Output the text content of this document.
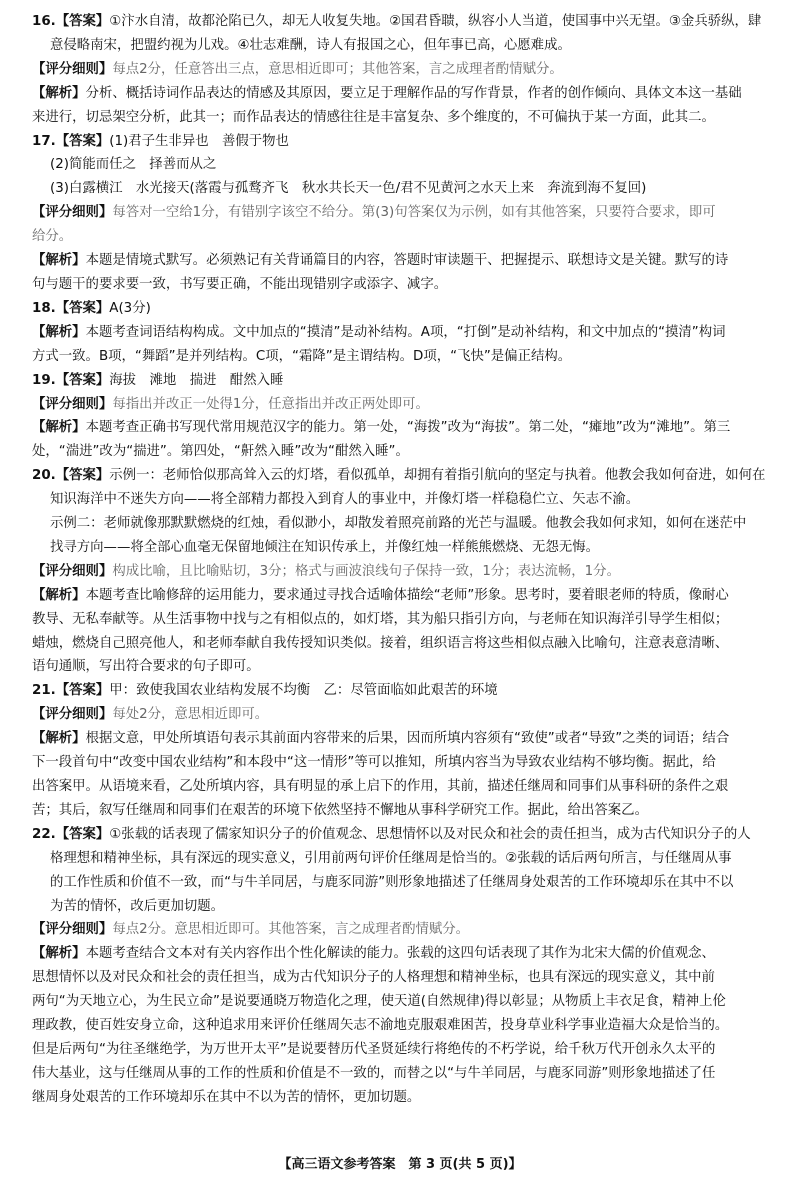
16.【答案】①汴水自清，故都沦陷已久，却无人收复失地。②国君昏聩，纵容小人当道，使国事中兴无望。③金兵骄纵，肆
意侵略南宋，把盟约视为儿戏。④壮志难酬，诗人有报国之心，但年事已高，心愿难成。
【评分细则】每点2分，任意答出三点，意思相近即可；其他答案，言之成理者酌情赋分。
【解析】分析、概括诗词作品表达的情感及其原因，要立足于理解作品的写作背景，作者的创作倾向、具体文本这一基础
来进行，切忌架空分析，此其一；而作品表达的情感往往是丰富复杂、多个维度的，不可偏执于某一方面，此其二。
17.【答案】(1)君子生非异也　善假于物也
(2)简能而任之　择善而从之
(3)白露横江　水光接天(落霞与孤鹜齐飞　秋水共长天一色/君不见黄河之水天上来　奔流到海不复回)
【评分细则】每答对一空给1分，有错别字该空不给分。第(3)句答案仅为示例，如有其他答案，只要符合要求，即可
给分。
【解析】本题是情境式默写。必须熟记有关背诵篇目的内容，答题时审读题干、把握提示、联想诗文是关键。默写的诗
句与题干的要求要一致，书写要正确，不能出现错别字或添字、减字。
18.【答案】A(3分)
【解析】本题考查词语结构构成。文中加点的“摸清”是动补结构。A项，“打倒”是动补结构，和文中加点的“摸清”构词
方式一致。B项，“舞蹈”是并列结构。C项，“霜降”是主谓结构。D项，“飞快”是偏正结构。
19.【答案】海拔　滩地　揣进　酣然入睡
【评分细则】每指出并改正一处得1分，任意指出并改正两处即可。
【解析】本题考查正确书写现代常用规范汉字的能力。第一处，“海拨”改为“海拔”。第二处，“瘫地”改为“滩地”。第三
处，“湍进”改为“揣进”。第四处，“鼾然入睡”改为“酣然入睡”。
20.【答案】示例一：老师恰似那高耸入云的灯塔，看似孤单，却拥有着指引航向的坚定与执着。他教会我如何奋进，如何在
知识海洋中不迷失方向——将全部精力都投入到育人的事业中，并像灯塔一样稳稳伫立、矢志不渝。
示例二：老师就像那默默燃烧的红烛，看似渺小，却散发着照亮前路的光芒与温暖。他教会我如何求知，如何在迷茫中
找寻方向——将全部心血毫无保留地倾注在知识传承上，并像红烛一样熊熊燃烧、无怨无悔。
【评分细则】构成比喻，且比喻贴切，3分；格式与画波浪线句子保持一致，1分；表达流畅，1分。
【解析】本题考查比喻修辞的运用能力，要求通过寻找合适喻体描绘“老师”形象。思考时，要着眼老师的特质，像耐心
教导、无私奉献等。从生活事物中找与之有相似点的，如灯塔，其为船只指引方向，与老师在知识海洋引导学生相似；
蜡烛，燃烧自己照亮他人，和老师奉献自我传授知识类似。接着，组织语言将这些相似点融入比喻句，注意表意清晰、
语句通顺，写出符合要求的句子即可。
21.【答案】甲：致使我国农业结构发展不均衡　乙：尽管面临如此艰苦的环境
【评分细则】每处2分，意思相近即可。
【解析】根据文意，甲处所填语句表示其前面内容带来的后果，因而所填内容须有“致使”或者“导致”之类的词语；结合
下一段首句中“改变中国农业结构”和本段中“这一情形”等可以推知，所填内容当为导致农业结构不够均衡。据此，给
出答案甲。从语境来看，乙处所填内容，具有明显的承上启下的作用，其前，描述任继周和同事们从事科研的条件之艰
苦；其后，叙写任继周和同事们在艰苦的环境下依然坚持不懈地从事科学研究工作。据此，给出答案乙。
22.【答案】①张载的话表现了儒家知识分子的价值观念、思想情怀以及对民众和社会的责任担当，成为古代知识分子的人
格理想和精神坐标，具有深远的现实意义，引用前两句评价任继周是恰当的。②张载的话后两句所言，与任继周从事
的工作性质和价值不一致，而“与牛羊同居，与鹿豕同游”则形象地描述了任继周身处艰苦的工作环境却乐在其中不以
为苦的情怀，改后更加切题。
【评分细则】每点2分。意思相近即可。其他答案，言之成理者酌情赋分。
【解析】本题考查结合文本对有关内容作出个性化解读的能力。张载的这四句话表现了其作为北宋大儒的价值观念、
思想情怀以及对民众和社会的责任担当，成为古代知识分子的人格理想和精神坐标，也具有深远的现实意义，其中前
两句“为天地立心，为生民立命”是说要通晓万物造化之理，使天道(自然规律)得以彰显；从物质上丰衣足食，精神上伦
理政教，使百姓安身立命，这种追求用来评价任继周矢志不渝地克服艰难困苦，投身草业科学事业造福大众是恰当的。
但是后两句“为往圣继绝学，为万世开太平”是说要替历代圣贤延续行将绝传的不朽学说，给千秋万代开创永久太平的
伟大基业，这与任继周从事的工作的性质和价值是不一致的，而替之以“与牛羊同居，与鹿豕同游”则形象地描述了任
继周身处艰苦的工作环境却乐在其中不以为苦的情怀，更加切题。
【高三语文参考答案　第 3 页(共 5 页)】
